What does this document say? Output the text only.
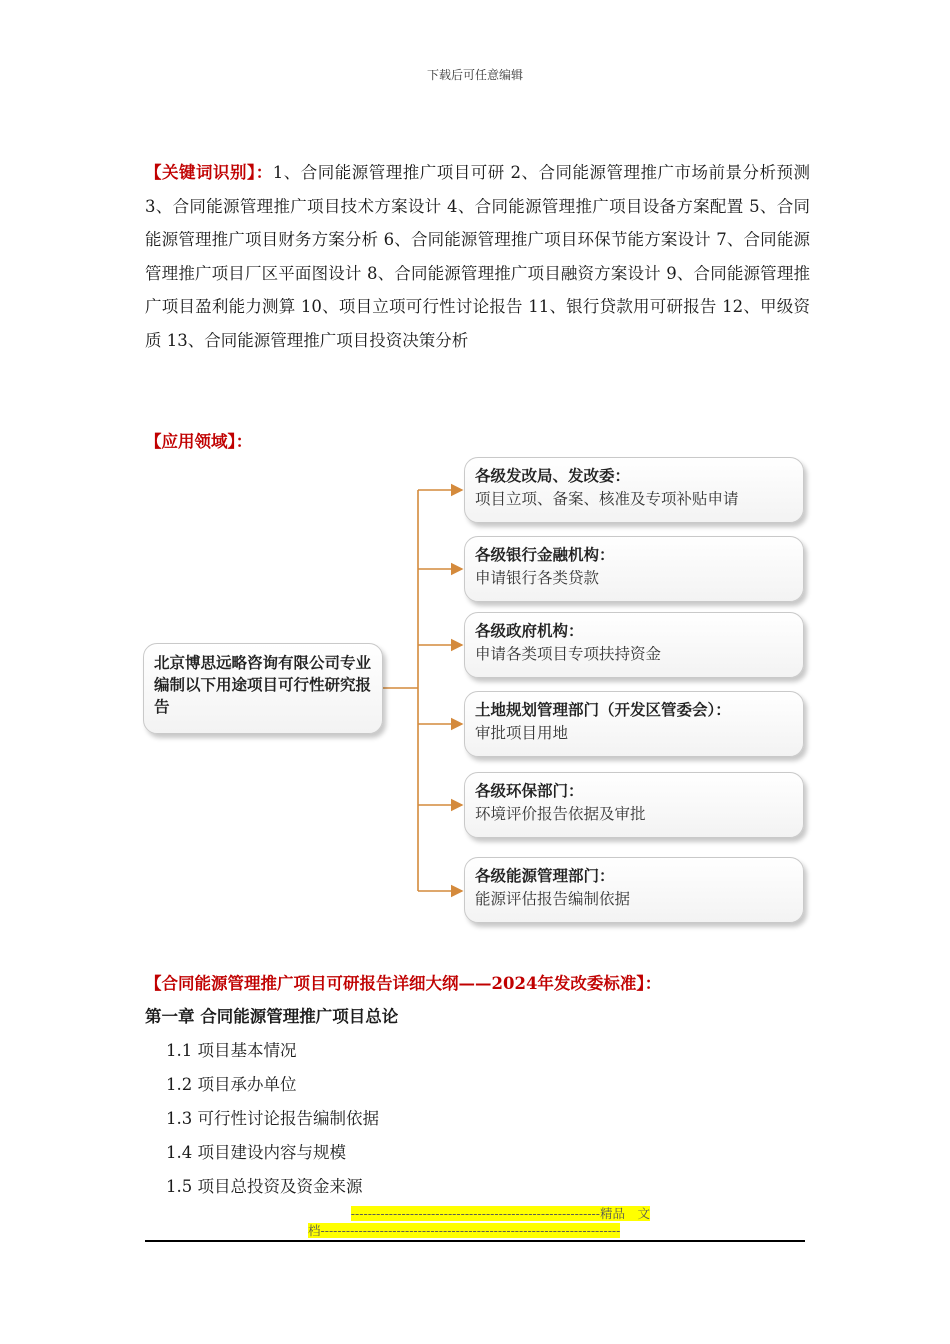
下载后可任意编辑
【关键词识别】：1、合同能源管理推广项目可研 2、合同能源管理推广市场前景分析预测 3、合同能源管理推广项目技术方案设计 4、合同能源管理推广项目设备方案配置 5、合同能源管理推广项目财务方案分析 6、合同能源管理推广项目环保节能方案设计 7、合同能源管理推广项目厂区平面图设计 8、合同能源管理推广项目融资方案设计 9、合同能源管理推广项目盈利能力测算 10、项目立项可行性讨论报告 11、银行贷款用可研报告 12、甲级资质 13、合同能源管理推广项目投资决策分析
【应用领域】：
北京博思远略咨询有限公司专业编制以下用途项目可行性研究报告
各级发改局、发改委：
项目立项、备案、核准及专项补贴申请
各级银行金融机构：
申请银行各类贷款
各级政府机构：
申请各类项目专项扶持资金
土地规划管理部门（开发区管委会）：
审批项目用地
各级环保部门：
环境评价报告依据及审批
各级能源管理部门：
能源评估报告编制依据
【合同能源管理推广项目可研报告详细大纲——2024年发改委标准】：
第一章 合同能源管理推广项目总论
1.1 项目基本情况
1.2 项目承办单位
1.3 可行性讨论报告编制依据
1.4 项目建设内容与规模
1.5 项目总投资及资金来源
-----------------------------------------------------------精品　文
档-----------------------------------------------------------------------
